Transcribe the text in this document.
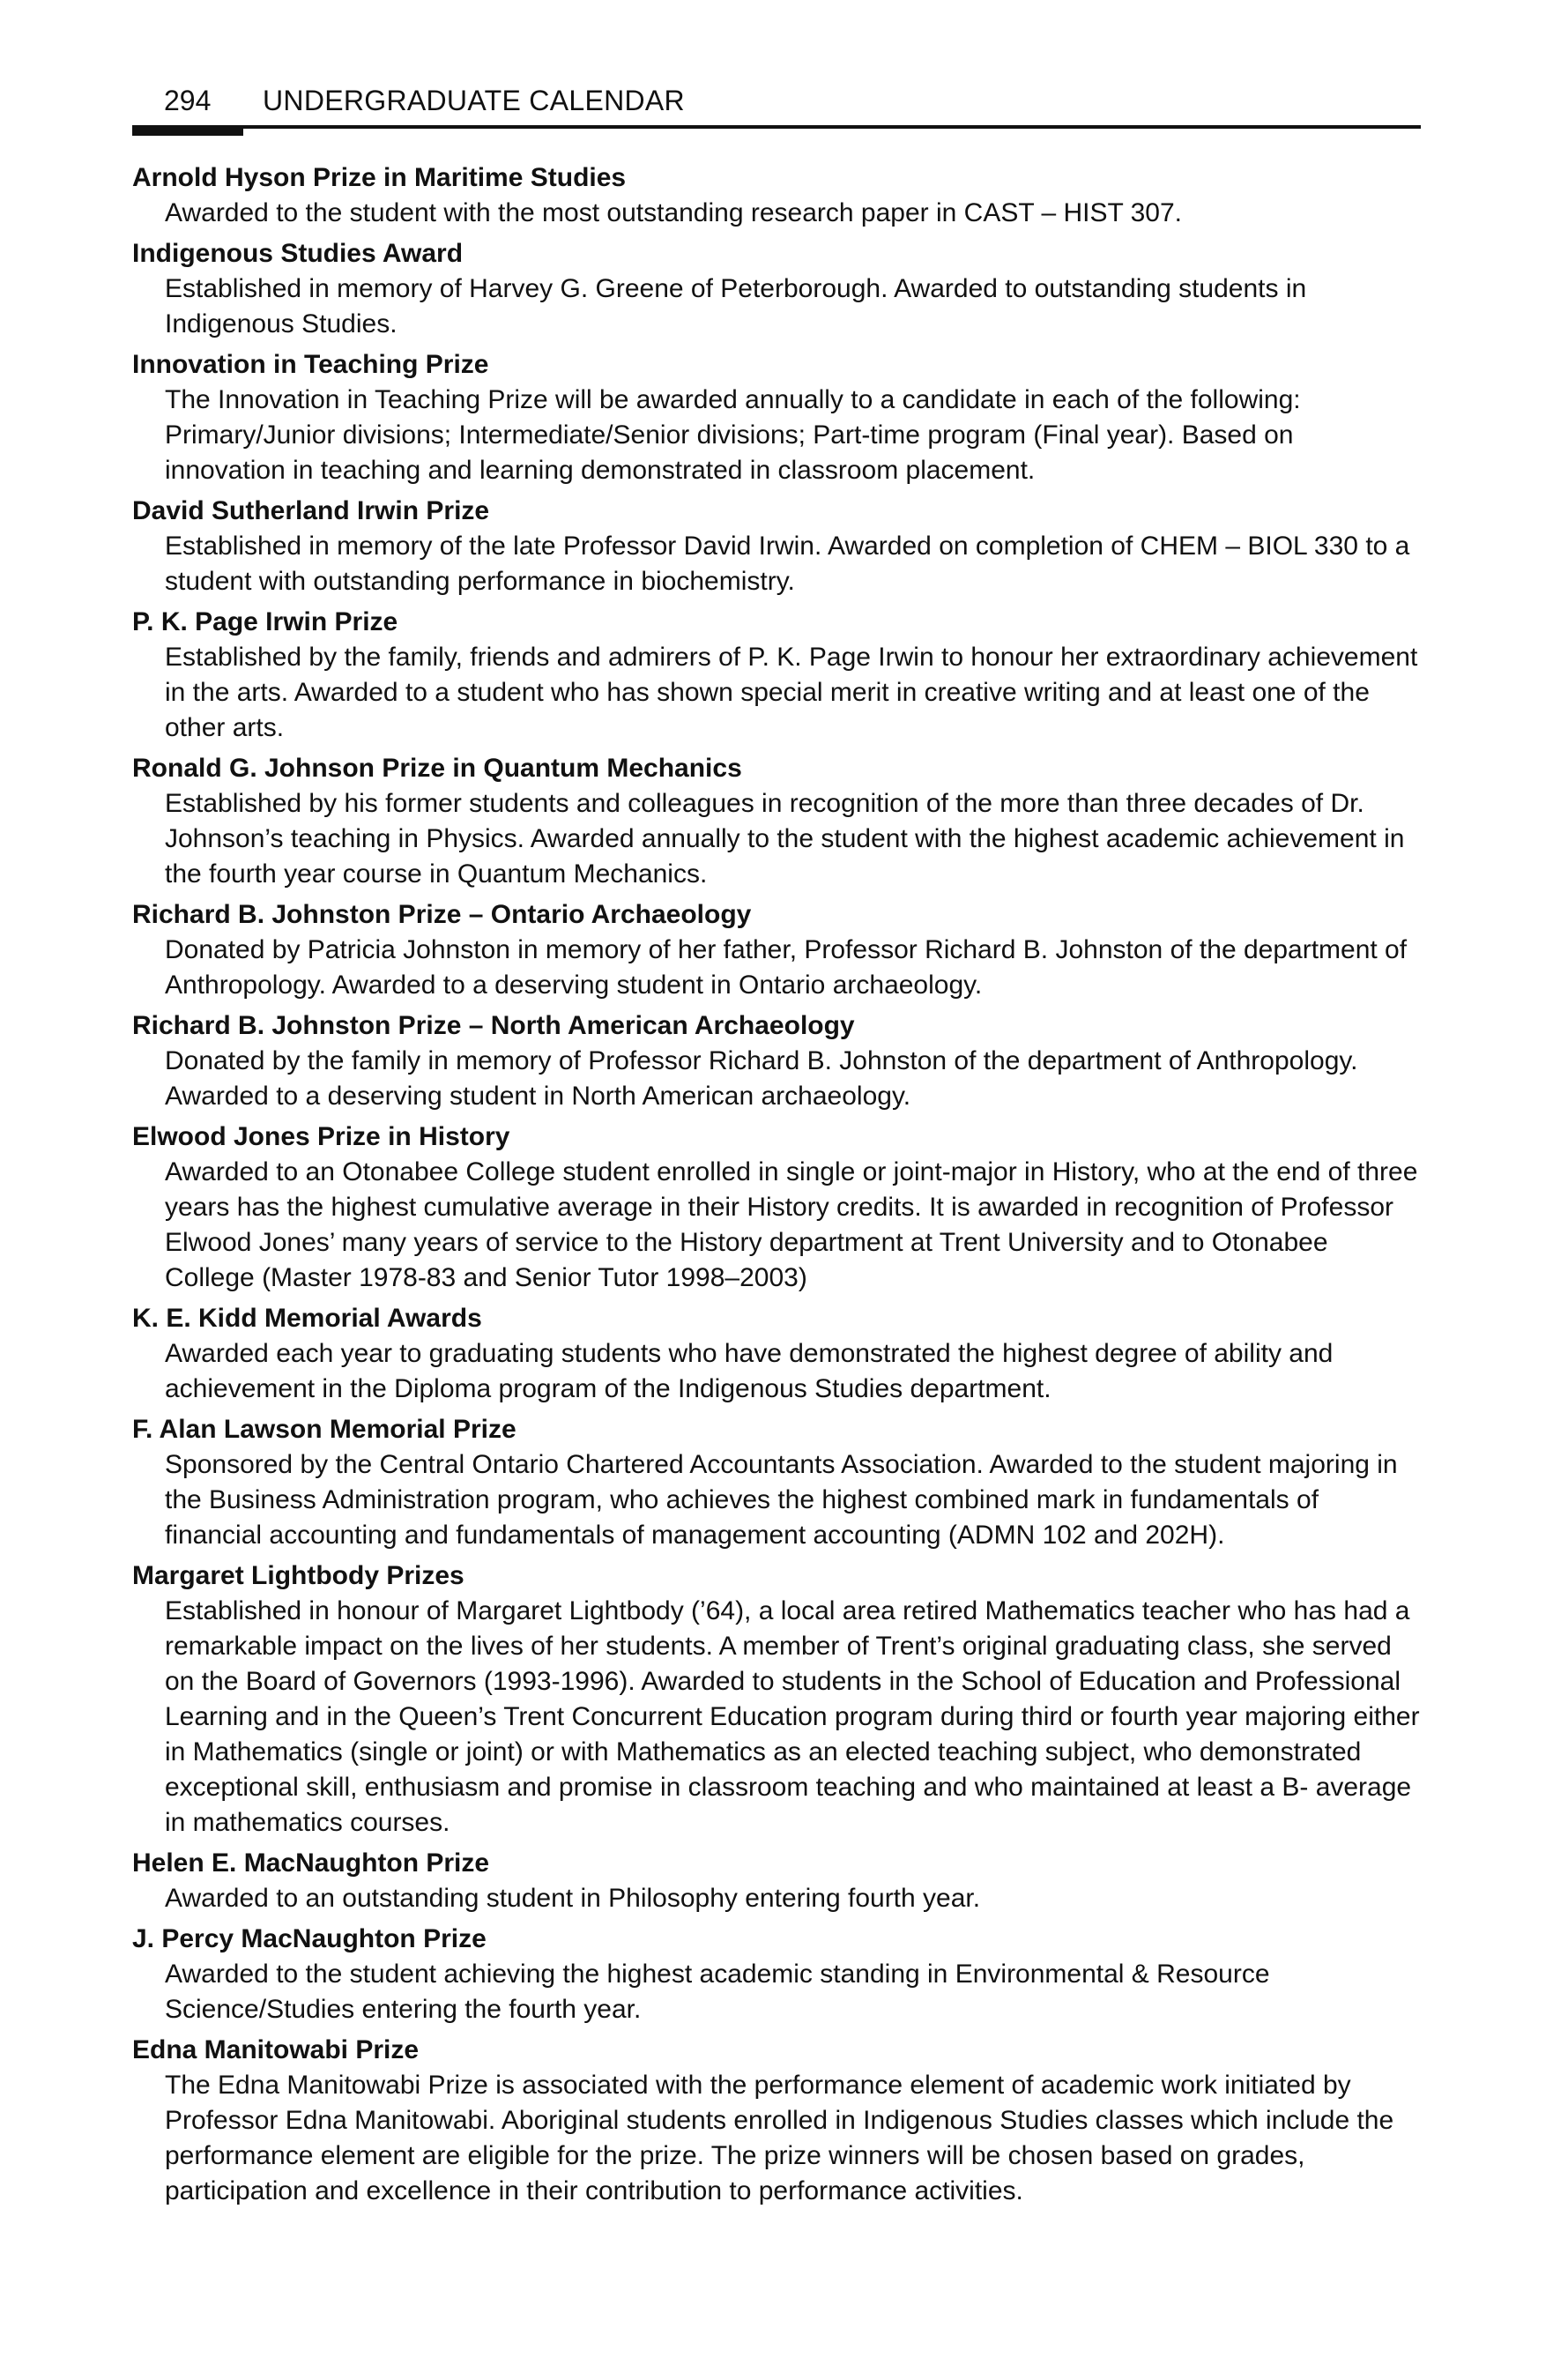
294 UNDERGRADUATE CALENDAR

Arnold Hyson Prize in Maritime Studies

Awarded to the student with the most outstanding research paper in CAST – HIST 307.

Indigenous Studies Award

Established in memory of Harvey G. Greene of Peterborough. Awarded to outstanding students in Indigenous Studies.

Innovation in Teaching Prize

The Innovation in Teaching Prize will be awarded annually to a candidate in each of the following: Primary/Junior divisions; Intermediate/Senior divisions; Part-time program (Final year). Based on innovation in teaching and learning demonstrated in classroom placement.

David Sutherland Irwin Prize

Established in memory of the late Professor David Irwin. Awarded on completion of CHEM – BIOL 330 to a student with outstanding performance in biochemistry.

P. K. Page Irwin Prize

Established by the family, friends and admirers of P. K. Page Irwin to honour her extraordinary achievement in the arts. Awarded to a student who has shown special merit in creative writing and at least one of the other arts.

Ronald G. Johnson Prize in Quantum Mechanics

Established by his former students and colleagues in recognition of the more than three decades of Dr. Johnson’s teaching in Physics. Awarded annually to the student with the highest academic achievement in the fourth year course in Quantum Mechanics.

Richard B. Johnston Prize – Ontario Archaeology

Donated by Patricia Johnston in memory of her father, Professor Richard B. Johnston of the department of Anthropology. Awarded to a deserving student in Ontario archaeology.

Richard B. Johnston Prize – North American Archaeology

Donated by the family in memory of Professor Richard B. Johnston of the department of Anthropology. Awarded to a deserving student in North American archaeology.

Elwood Jones Prize in History

Awarded to an Otonabee College student enrolled in single or joint-major in History, who at the end of three years has the highest cumulative average in their History credits. It is awarded in recognition of Professor Elwood Jones’ many years of service to the History department at Trent University and to Otonabee College (Master 1978-83 and Senior Tutor 1998–2003)

K. E. Kidd Memorial Awards

Awarded each year to graduating students who have demonstrated the highest degree of ability and achievement in the Diploma program of the Indigenous Studies department.

F. Alan Lawson Memorial Prize

Sponsored by the Central Ontario Chartered Accountants Association. Awarded to the student majoring in the Business Administration program, who achieves the highest combined mark in fundamentals of financial accounting and fundamentals of management accounting (ADMN 102 and 202H).

Margaret Lightbody Prizes

Established in honour of Margaret Lightbody (’64), a local area retired Mathematics teacher who has had a remarkable impact on the lives of her students. A member of Trent’s original graduating class, she served on the Board of Governors (1993-1996). Awarded to students in the School of Education and Professional Learning and in the Queen’s Trent Concurrent Education program during third or fourth year majoring either in Mathematics (single or joint) or with Mathematics as an elected teaching subject, who demonstrated exceptional skill, enthusiasm and promise in classroom teaching and who maintained at least a B- average in mathematics courses.

Helen E. MacNaughton Prize

Awarded to an outstanding student in Philosophy entering fourth year.

J. Percy MacNaughton Prize

Awarded to the student achieving the highest academic standing in Environmental & Resource Science/Studies entering the fourth year.

Edna Manitowabi Prize

The Edna Manitowabi Prize is associated with the performance element of academic work initiated by Professor Edna Manitowabi. Aboriginal students enrolled in Indigenous Studies classes which include the performance element are eligible for the prize. The prize winners will be chosen based on grades, participation and excellence in their contribution to performance activities.
